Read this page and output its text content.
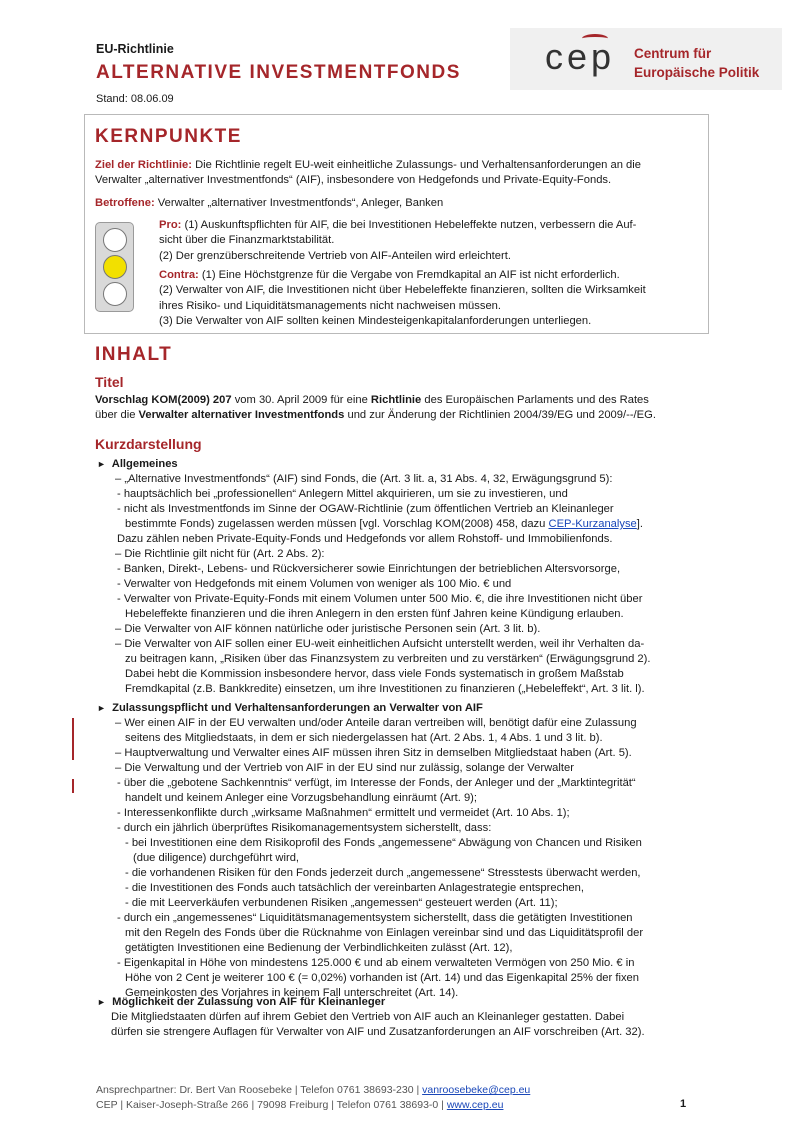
EU-Richtlinie
ALTERNATIVE INVESTMENTFONDS
Stand: 08.06.09
cep Centrum für
Europäische Politik
KERNPUNKTE
Ziel der Richtlinie: Die Richtlinie regelt EU-weit einheitliche Zulassungs- und Verhaltensanforderungen an die
Verwalter „alternativer Investmentfonds“ (AIF), insbesondere von Hedgefonds und Private-Equity-Fonds.
Betroffene: Verwalter „alternativer Investmentfonds“, Anleger, Banken
Pro: (1) Auskunftspflichten für AIF, die bei Investitionen Hebeleffekte nutzen, verbessern die Auf-
sicht über die Finanzmarktstabilität.
(2) Der grenzüberschreitende Vertrieb von AIF-Anteilen wird erleichtert.
Contra: (1) Eine Höchstgrenze für die Vergabe von Fremdkapital an AIF ist nicht erforderlich.
(2) Verwalter von AIF, die Investitionen nicht über Hebeleffekte finanzieren, sollten die Wirksamkeit
ihres Risiko- und Liquiditätsmanagements nicht nachweisen müssen.
(3) Die Verwalter von AIF sollten keinen Mindesteigenkapitalanforderungen unterliegen.
INHALT
Titel
Vorschlag KOM(2009) 207 vom 30. April 2009 für eine Richtlinie des Europäischen Parlaments und des Rates
über die Verwalter alternativer Investmentfonds und zur Änderung der Richtlinien 2004/39/EG und 2009/--/EG.
Kurzdarstellung
► Allgemeines
– „Alternative Investmentfonds“ (AIF) sind Fonds, die (Art. 3 lit. a, 31 Abs. 4, 32, Erwägungsgrund 5):
- hauptsächlich bei „professionellen“ Anlegern Mittel akquirieren, um sie zu investieren, und
- nicht als Investmentfonds im Sinne der OGAW-Richtlinie (zum öffentlichen Vertrieb an Kleinanleger
bestimmte Fonds) zugelassen werden müssen [vgl. Vorschlag KOM(2008) 458, dazu CEP-Kurzanalyse].
Dazu zählen neben Private-Equity-Fonds und Hedgefonds vor allem Rohstoff- und Immobilienfonds.
– Die Richtlinie gilt nicht für (Art. 2 Abs. 2):
- Banken, Direkt-, Lebens- und Rückversicherer sowie Einrichtungen der betrieblichen Altersvorsorge,
- Verwalter von Hedgefonds mit einem Volumen von weniger als 100 Mio. € und
- Verwalter von Private-Equity-Fonds mit einem Volumen unter 500 Mio. €, die ihre Investitionen nicht über
Hebeleffekte finanzieren und die ihren Anlegern in den ersten fünf Jahren keine Kündigung erlauben.
– Die Verwalter von AIF können natürliche oder juristische Personen sein (Art. 3 lit. b).
– Die Verwalter von AIF sollen einer EU-weit einheitlichen Aufsicht unterstellt werden, weil ihr Verhalten da-
zu beitragen kann, „Risiken über das Finanzsystem zu verbreiten und zu verstärken“ (Erwägungsgrund 2).
Dabei hebt die Kommission insbesondere hervor, dass viele Fonds systematisch in großem Maßstab
Fremdkapital (z.B. Bankkredite) einsetzen, um ihre Investitionen zu finanzieren („Hebeleffekt“, Art. 3 lit. l).
► Zulassungspflicht und Verhaltensanforderungen an Verwalter von AIF
– Wer einen AIF in der EU verwalten und/oder Anteile daran vertreiben will, benötigt dafür eine Zulassung
seitens des Mitgliedstaats, in dem er sich niedergelassen hat (Art. 2 Abs. 1, 4 Abs. 1 und 3 lit. b).
– Hauptverwaltung und Verwalter eines AIF müssen ihren Sitz in demselben Mitgliedstaat haben (Art. 5).
– Die Verwaltung und der Vertrieb von AIF in der EU sind nur zulässig, solange der Verwalter
- über die „gebotene Sachkenntnis“ verfügt, im Interesse der Fonds, der Anleger und der „Marktintegrität“
handelt und keinem Anleger eine Vorzugsbehandlung einräumt (Art. 9);
- Interessenkonflikte durch „wirksame Maßnahmen“ ermittelt und vermeidet (Art. 10 Abs. 1);
- durch ein jährlich überprüftes Risikomanagementsystem sicherstellt, dass:
- bei Investitionen eine dem Risikoprofil des Fonds „angemessene“ Abwägung von Chancen und Risiken
(due diligence) durchgeführt wird,
- die vorhandenen Risiken für den Fonds jederzeit durch „angemessene“ Stresstests überwacht werden,
- die Investitionen des Fonds auch tatsächlich der vereinbarten Anlagestrategie entsprechen,
- die mit Leerverkäufen verbundenen Risiken „angemessen“ gesteuert werden (Art. 11);
- durch ein „angemessenes“ Liquiditätsmanagementsystem sicherstellt, dass die getätigten Investitionen
mit den Regeln des Fonds über die Rücknahme von Einlagen vereinbar sind und das Liquiditätsprofil der
getätigten Investitionen eine Bedienung der Verbindlichkeiten zulässt (Art. 12),
- Eigenkapital in Höhe von mindestens 125.000 € und ab einem verwalteten Vermögen von 250 Mio. € in
Höhe von 2 Cent je weiterer 100 € (= 0,02%) vorhanden ist (Art. 14) und das Eigenkapital 25% der fixen
Gemeinkosten des Vorjahres in keinem Fall unterschreitet (Art. 14).
► Möglichkeit der Zulassung von AIF für Kleinanleger
Die Mitgliedstaaten dürfen auf ihrem Gebiet den Vertrieb von AIF auch an Kleinanleger gestatten. Dabei
dürfen sie strengere Auflagen für Verwalter von AIF und Zusatzanforderungen an AIF vorschreiben (Art. 32).
Ansprechpartner: Dr. Bert Van Roosebeke | Telefon 0761 38693-230 | vanroosebeke@cep.eu
CEP | Kaiser-Joseph-Straße 266 | 79098 Freiburg | Telefon 0761 38693-0 | www.cep.eu	1
